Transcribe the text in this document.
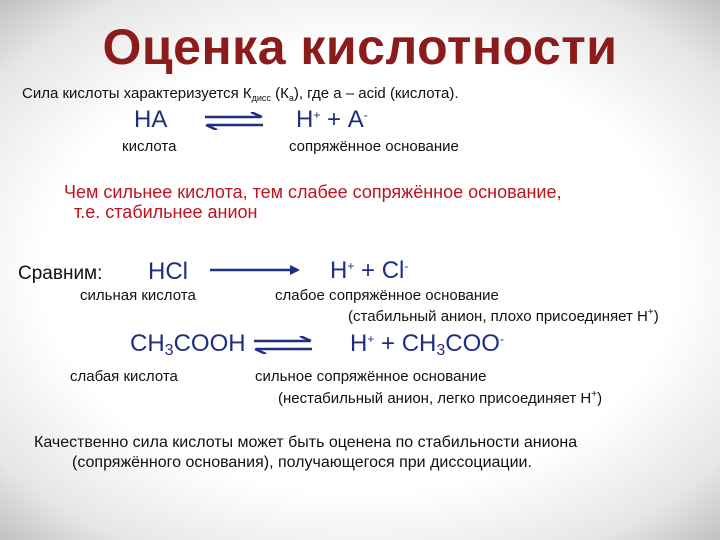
Оценка кислотности
Сила кислоты характеризуется $К_{дисс}$ $(К_а)$, где а – acid (кислота).
НА	Н+ + А-
кислота	сопряжённое основание
Чем сильнее кислота, тем слабее сопряжённое основание,
т.е. стабильнее анион
Сравним: HCl	H+ + Cl-
сильная кислота	слабое сопряжённое основание
(стабильный анион, плохо присоединяет Н+)
$CH_3COOH$ ⇌ $H^+ + CH_3COO^-$
слабая кислота	сильное сопряжённое основание
(нестабильный анион, легко присоединяет Н+)
Качественно сила кислоты может быть оценена по стабильности аниона
(сопряжённого основания), получающегося при диссоциации.
